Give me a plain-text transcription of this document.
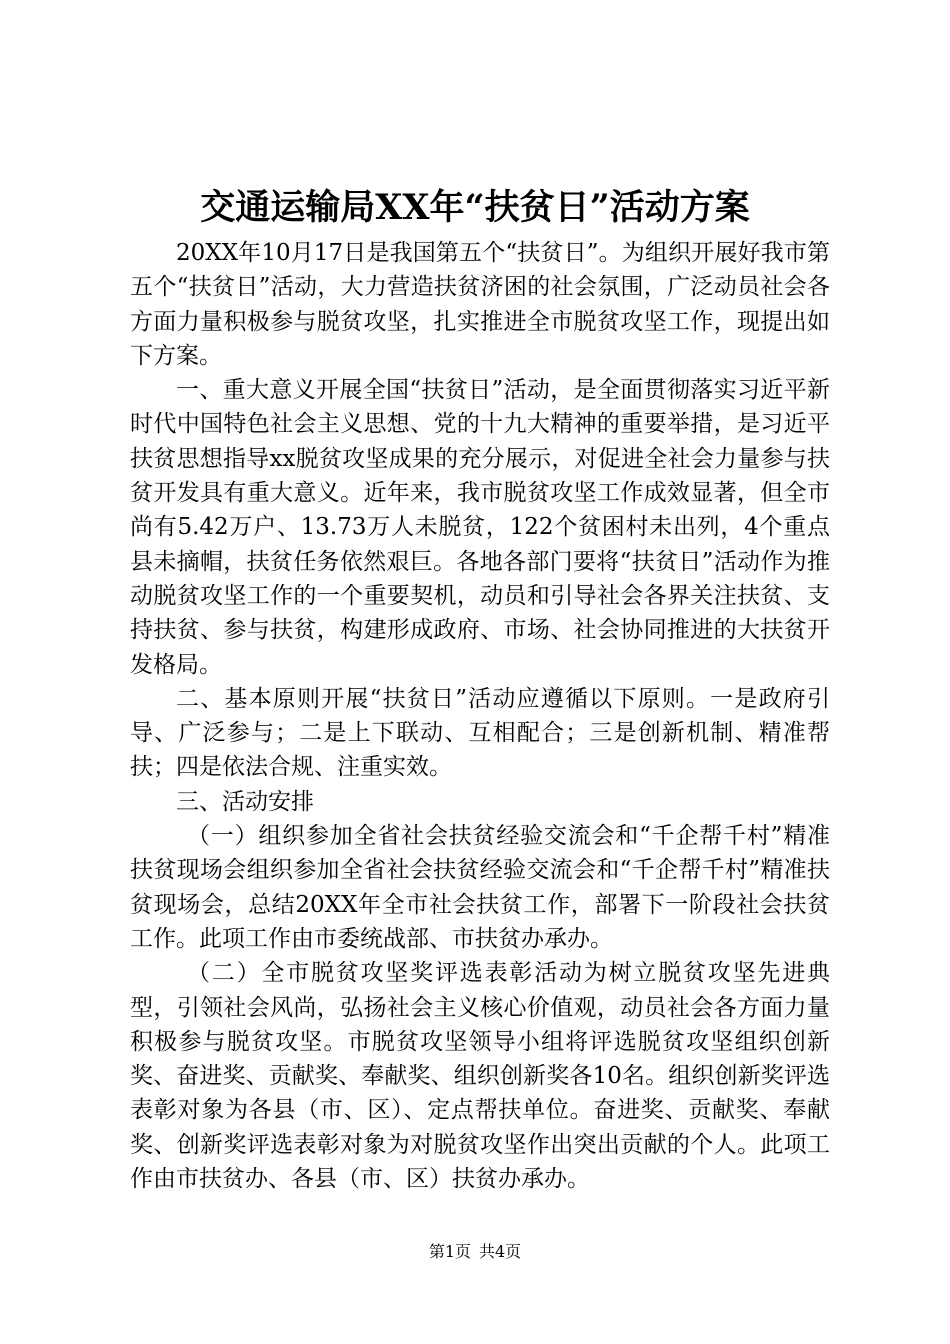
交通运输局XX年“扶贫日”活动方案

20XX年10月17日是我国第五个“扶贫日”。为组织开展好我市第五个“扶贫日”活动，大力营造扶贫济困的社会氛围，广泛动员社会各方面力量积极参与脱贫攻坚，扎实推进全市脱贫攻坚工作，现提出如下方案。

一、重大意义开展全国“扶贫日”活动，是全面贯彻落实习近平新时代中国特色社会主义思想、党的十九大精神的重要举措，是习近平扶贫思想指导xx脱贫攻坚成果的充分展示，对促进全社会力量参与扶贫开发具有重大意义。近年来，我市脱贫攻坚工作成效显著，但全市尚有5.42万户、13.73万人未脱贫，122个贫困村未出列，4个重点县未摘帽，扶贫任务依然艰巨。各地各部门要将“扶贫日”活动作为推动脱贫攻坚工作的一个重要契机，动员和引导社会各界关注扶贫、支持扶贫、参与扶贫，构建形成政府、市场、社会协同推进的大扶贫开发格局。

二、基本原则开展“扶贫日”活动应遵循以下原则。一是政府引导、广泛参与；二是上下联动、互相配合；三是创新机制、精准帮扶；四是依法合规、注重实效。

三、活动安排

（一）组织参加全省社会扶贫经验交流会和“千企帮千村”精准扶贫现场会组织参加全省社会扶贫经验交流会和“千企帮千村”精准扶贫现场会，总结20XX年全市社会扶贫工作，部署下一阶段社会扶贫工作。此项工作由市委统战部、市扶贫办承办。

（二）全市脱贫攻坚奖评选表彰活动为树立脱贫攻坚先进典型，引领社会风尚，弘扬社会主义核心价值观，动员社会各方面力量积极参与脱贫攻坚。市脱贫攻坚领导小组将评选脱贫攻坚组织创新奖、奋进奖、贡献奖、奉献奖、组织创新奖各10名。组织创新奖评选表彰对象为各县（市、区）、定点帮扶单位。奋进奖、贡献奖、奉献奖、创新奖评选表彰对象为对脱贫攻坚作出突出贡献的个人。此项工作由市扶贫办、各县（市、区）扶贫办承办。

第1页 共4页
